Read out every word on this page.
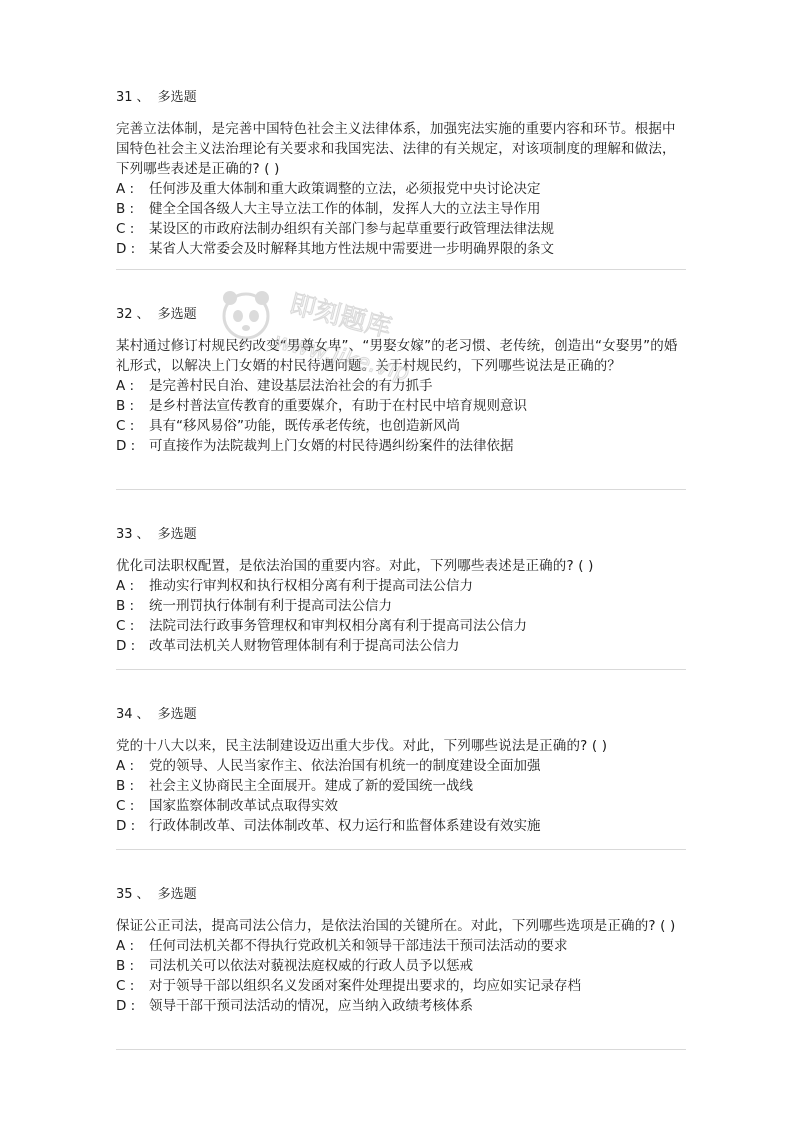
31 、 多选题
完善立法体制，是完善中国特色社会主义法律体系，加强宪法实施的重要内容和环节。根据中国特色社会主义法治理论有关要求和我国宪法、法律的有关规定，对该项制度的理解和做法，下列哪些表述是正确的? ( )
A : 任何涉及重大体制和重大政策调整的立法，必须报党中央讨论决定
B : 健全全国各级人大主导立法工作的体制，发挥人大的立法主导作用
C : 某设区的市政府法制办组织有关部门参与起草重要行政管理法律法规
D : 某省人大常委会及时解释其地方性法规中需要进一步明确界限的条文
32 、 多选题
某村通过修订村规民约改变“男尊女卑”、“男娶女嫁”的老习惯、老传统，创造出“女娶男”的婚礼形式，以解决上门女婿的村民待遇问题。关于村规民约，下列哪些说法是正确的？
A : 是完善村民自治、建设基层法治社会的有力抓手
B : 是乡村普法宣传教育的重要媒介，有助于在村民中培育规则意识
C : 具有“移风易俗”功能，既传承老传统，也创造新风尚
D : 可直接作为法院裁判上门女婿的村民待遇纠纷案件的法律依据
33 、 多选题
优化司法职权配置，是依法治国的重要内容。对此，下列哪些表述是正确的? ( )
A : 推动实行审判权和执行权相分离有利于提高司法公信力
B : 统一刑罚执行体制有利于提高司法公信力
C : 法院司法行政事务管理权和审判权相分离有利于提高司法公信力
D : 改革司法机关人财物管理体制有利于提高司法公信力
34 、 多选题
党的十八大以来，民主法制建设迈出重大步伐。对此，下列哪些说法是正确的? ( )
A : 党的领导、人民当家作主、依法治国有机统一的制度建设全面加强
B : 社会主义协商民主全面展开。建成了新的爱国统一战线
C : 国家监察体制改革试点取得实效
D : 行政体制改革、司法体制改革、权力运行和监督体系建设有效实施
35 、 多选题
保证公正司法，提高司法公信力，是依法治国的关键所在。对此，下列哪些选项是正确的? ( )
A : 任何司法机关都不得执行党政机关和领导干部违法干预司法活动的要求
B : 司法机关可以依法对藐视法庭权威的行政人员予以惩戒
C : 对于领导干部以组织名义发函对案件处理提出要求的，均应如实记录存档
D : 领导干部干预司法活动的情况，应当纳入政绩考核体系
即刻题库
www.jike.vip
